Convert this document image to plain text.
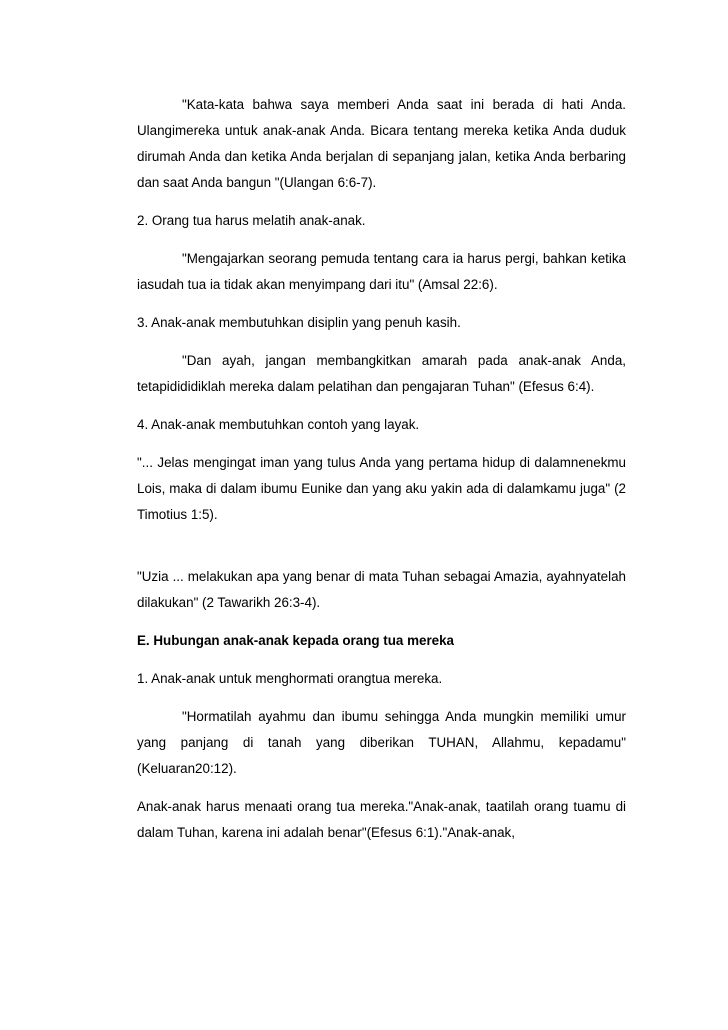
"Kata-kata bahwa saya memberi Anda saat ini berada di hati Anda. Ulangimereka untuk anak-anak Anda. Bicara tentang mereka ketika Anda duduk dirumah Anda dan ketika Anda berjalan di sepanjang jalan, ketika Anda berbaring dan saat Anda bangun "(Ulangan 6:6-7).

2. Orang tua harus melatih anak-anak.

"Mengajarkan seorang pemuda tentang cara ia harus pergi, bahkan ketika iasudah tua ia tidak akan menyimpang dari itu" (Amsal 22:6).

3. Anak-anak membutuhkan disiplin yang penuh kasih.

"Dan ayah, jangan membangkitkan amarah pada anak-anak Anda, tetapidididiklah mereka dalam pelatihan dan pengajaran Tuhan" (Efesus 6:4).

4. Anak-anak membutuhkan contoh yang layak.

"... Jelas mengingat iman yang tulus Anda yang pertama hidup di dalamnenekmu Lois, maka di dalam ibumu Eunike dan yang aku yakin ada di dalamkamu juga" (2 Timotius 1:5).

"Uzia ... melakukan apa yang benar di mata Tuhan sebagai Amazia, ayahnyatelah dilakukan" (2 Tawarikh 26:3-4).

E. Hubungan anak-anak kepada orang tua mereka

1. Anak-anak untuk menghormati orangtua mereka.

"Hormatilah ayahmu dan ibumu sehingga Anda mungkin memiliki umur yang panjang di tanah yang diberikan TUHAN, Allahmu, kepadamu" (Keluaran20:12).

Anak-anak harus menaati orang tua mereka."Anak-anak, taatilah orang tuamu di dalam Tuhan, karena ini adalah benar"(Efesus 6:1)."Anak-anak,
